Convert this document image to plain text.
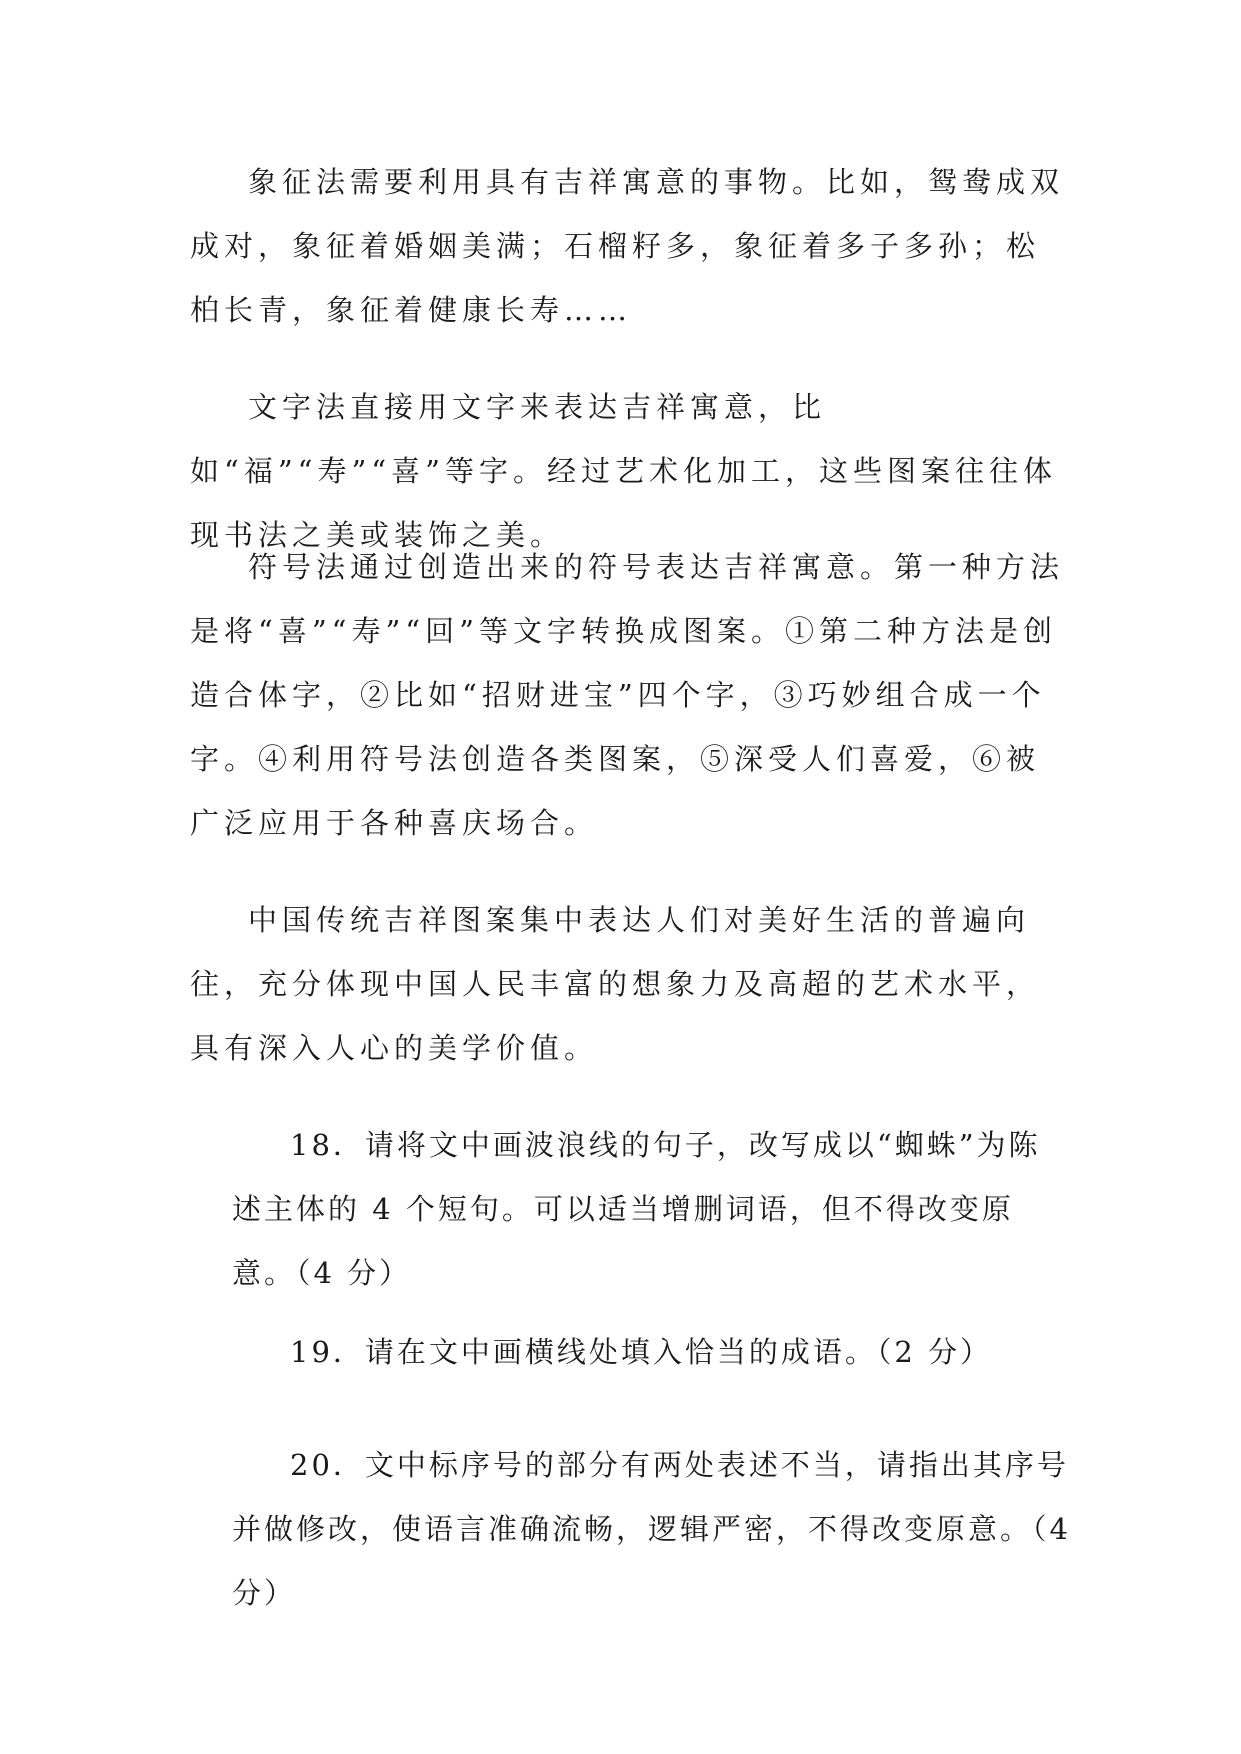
象征法需要利用具有吉祥寓意的事物。比如，鸳鸯成双成对，象征着婚姻美满；石榴籽多，象征着多子多孙；松柏长青，象征着健康长寿……

文字法直接用文字来表达吉祥寓意，比如“福”“寿”“喜”等字。经过艺术化加工，这些图案往往体现书法之美或装饰之美。

符号法通过创造出来的符号表达吉祥寓意。第一种方法是将“喜”“寿”“回”等文字转换成图案。①第二种方法是创造合体字，②比如“招财进宝”四个字，③巧妙组合成一个字。④利用符号法创造各类图案，⑤深受人们喜爱，⑥被广泛应用于各种喜庆场合。

中国传统吉祥图案集中表达人们对美好生活的普遍向往，充分体现中国人民丰富的想象力及高超的艺术水平，具有深入人心的美学价值。

18．请将文中画波浪线的句子，改写成以“蜘蛛”为陈述主体的 4 个短句。可以适当增删词语，但不得改变原意。（4 分）

19．请在文中画横线处填入恰当的成语。（2 分）

20．文中标序号的部分有两处表述不当，请指出其序号并做修改，使语言准确流畅，逻辑严密，不得改变原意。（4 分）
